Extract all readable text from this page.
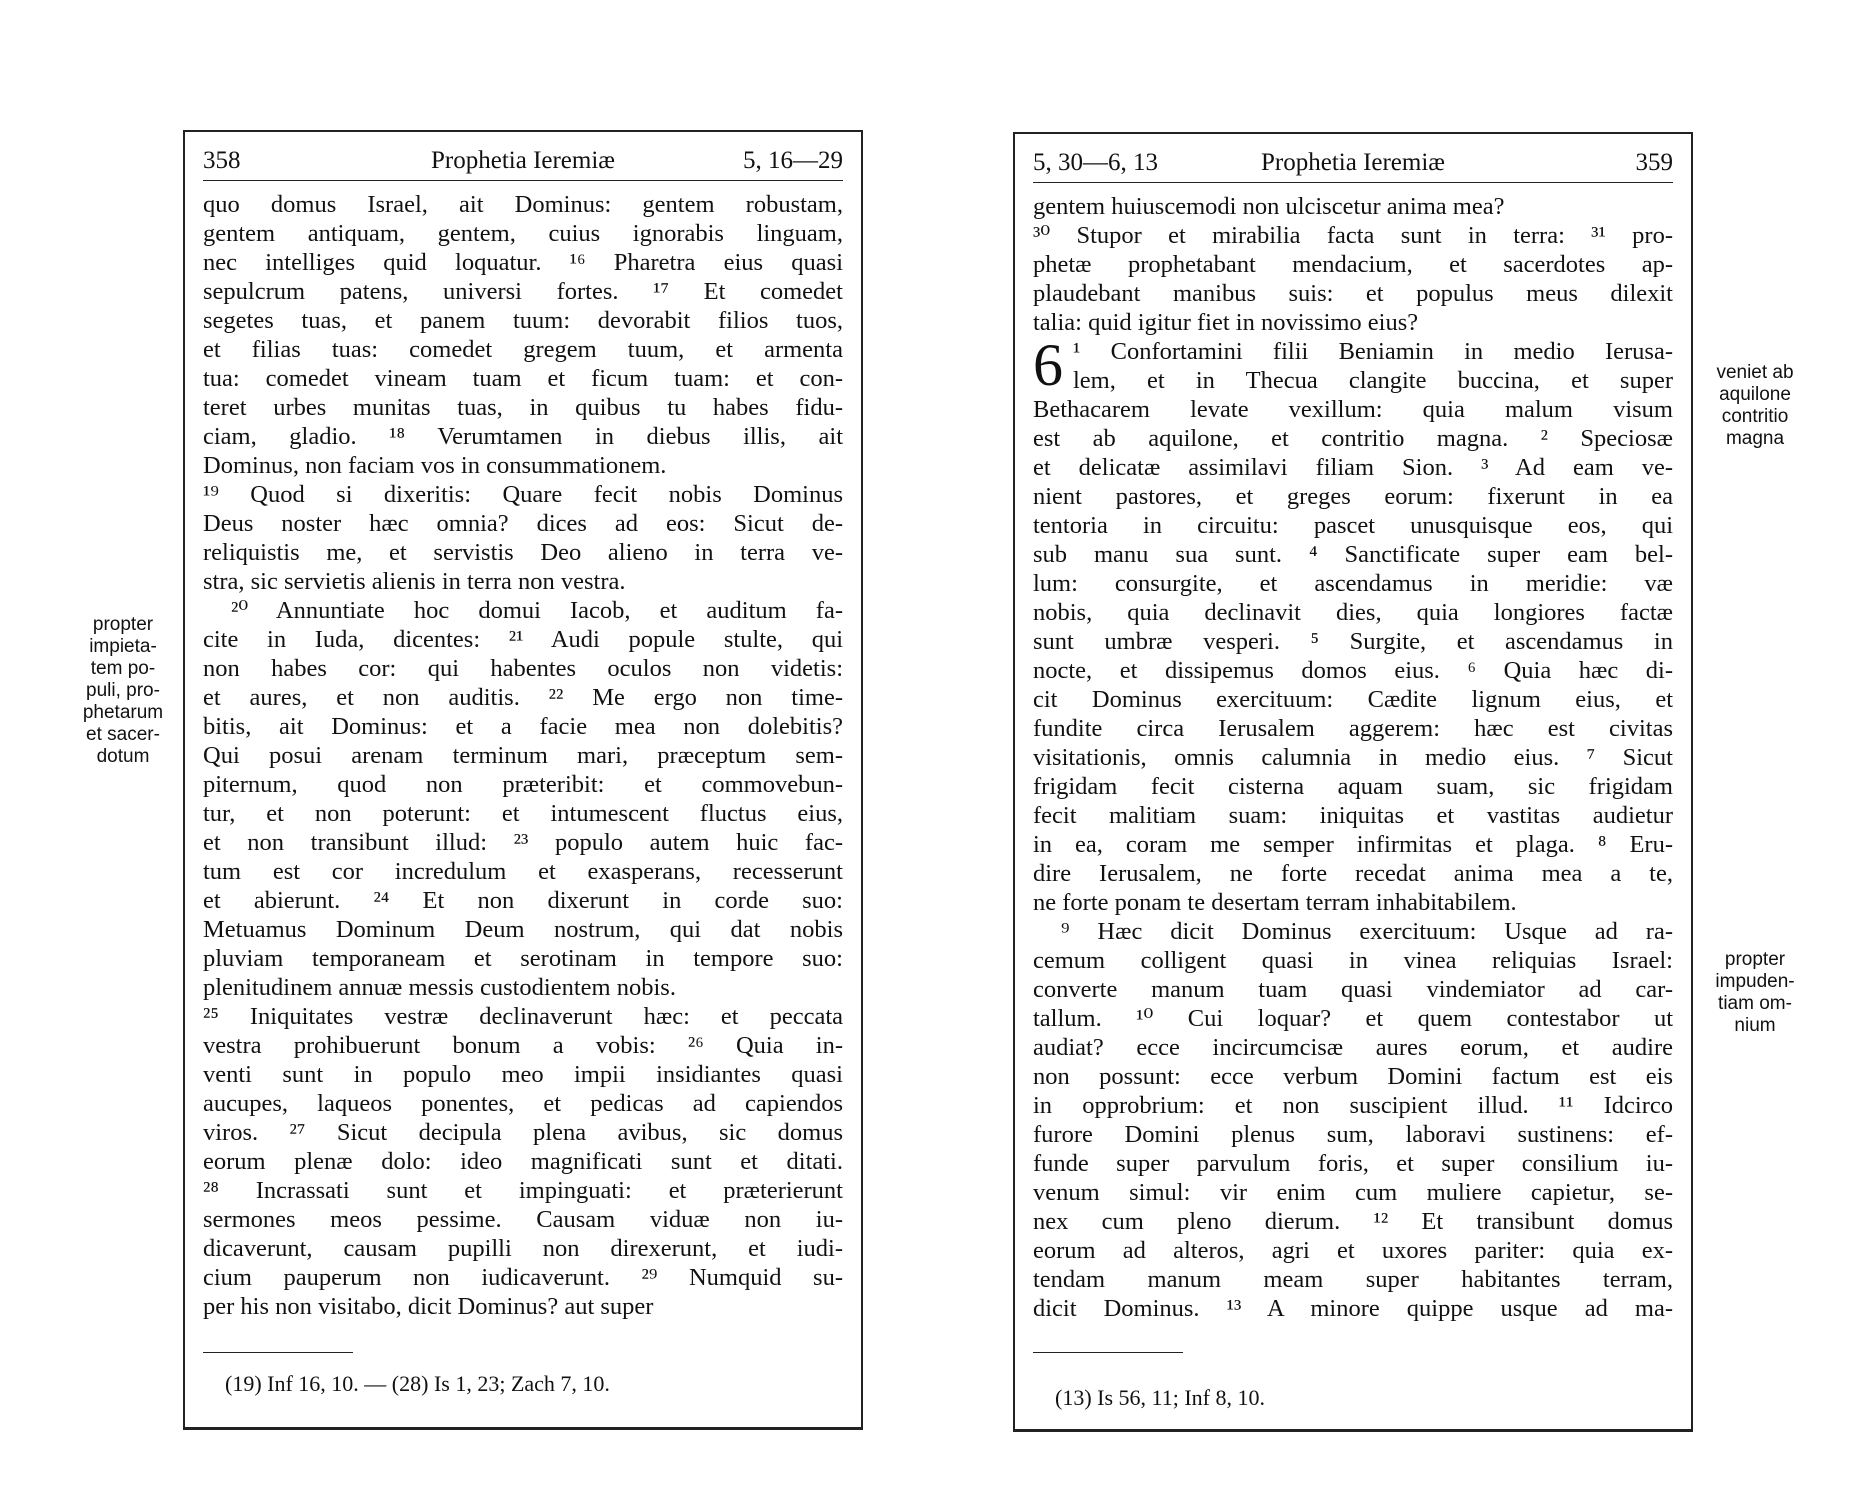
Prophetia Ieremiæ
358	5, 16—29
quo domus Israel, ait Dominus: gentem robustam,
gentem antiquam, gentem, cuius ignorabis linguam,
nec intelliges quid loquatur. ¹⁶ Pharetra eius quasi
sepulcrum patens, universi fortes. ¹⁷ Et comedet
segetes tuas, et panem tuum: devorabit filios tuos,
et filias tuas: comedet gregem tuum, et armenta
tua: comedet vineam tuam et ficum tuam: et con-
teret urbes munitas tuas, in quibus tu habes fidu-
ciam, gladio. ¹⁸ Verumtamen in diebus illis, ait
Dominus, non faciam vos in consummationem.
¹⁹ Quod si dixeritis: Quare fecit nobis Dominus
Deus noster hæc omnia? dices ad eos: Sicut de-
reliquistis me, et servistis Deo alieno in terra ve-
stra, sic servietis alienis in terra non vestra.
²⁰ Annuntiate hoc domui Iacob, et auditum fa-
cite in Iuda, dicentes: ²¹ Audi popule stulte, qui
non habes cor: qui habentes oculos non videtis:
et aures, et non auditis. ²² Me ergo non time-
bitis, ait Dominus: et a facie mea non dolebitis?
Qui posui arenam terminum mari, præceptum sem-
piternum, quod non præteribit: et commovebun-
tur, et non poterunt: et intumescent fluctus eius,
et non transibunt illud: ²³ populo autem huic fac-
tum est cor incredulum et exasperans, recesserunt
et abierunt. ²⁴ Et non dixerunt in corde suo:
Metuamus Dominum Deum nostrum, qui dat nobis
pluviam temporaneam et serotinam in tempore suo:
plenitudinem annuæ messis custodientem nobis.
²⁵ Iniquitates vestræ declinaverunt hæc: et peccata
vestra prohibuerunt bonum a vobis: ²⁶ Quia in-
venti sunt in populo meo impii insidiantes quasi
aucupes, laqueos ponentes, et pedicas ad capiendos
viros. ²⁷ Sicut decipula plena avibus, sic domus
eorum plenæ dolo: ideo magnificati sunt et ditati.
²⁸ Incrassati sunt et impinguati: et præterierunt
sermones meos pessime. Causam viduæ non iu-
dicaverunt, causam pupilli non direxerunt, et iudi-
cium pauperum non iudicaverunt. ²⁹ Numquid su-
per his non visitabo, dicit Dominus? aut super
(19) Inf 16, 10. — (28) Is 1, 23; Zach 7, 10.
propter
impieta-
tem po-
puli, pro-
phetarum
et sacer-
dotum
Prophetia Ieremiæ
5, 30—6, 13	359
gentem huiuscemodi non ulciscetur anima mea?
³⁰ Stupor et mirabilia facta sunt in terra: ³¹ pro-
phetæ prophetabant mendacium, et sacerdotes ap-
plaudebant manibus suis: et populus meus dilexit
talia: quid igitur fiet in novissimo eius?
6 ¹ Confortamini filii Beniamin in medio Ierusa-
lem, et in Thecua clangite buccina, et super
Bethacarem levate vexillum: quia malum visum
est ab aquilone, et contritio magna. ² Speciosæ
et delicatæ assimilavi filiam Sion. ³ Ad eam ve-
nient pastores, et greges eorum: fixerunt in ea
tentoria in circuitu: pascet unusquisque eos, qui
sub manu sua sunt. ⁴ Sanctificate super eam bel-
lum: consurgite, et ascendamus in meridie: væ
nobis, quia declinavit dies, quia longiores factæ
sunt umbræ vesperi. ⁵ Surgite, et ascendamus in
nocte, et dissipemus domos eius. ⁶ Quia hæc di-
cit Dominus exercituum: Cædite lignum eius, et
fundite circa Ierusalem aggerem: hæc est civitas
visitationis, omnis calumnia in medio eius. ⁷ Sicut
frigidam fecit cisterna aquam suam, sic frigidam
fecit malitiam suam: iniquitas et vastitas audietur
in ea, coram me semper infirmitas et plaga. ⁸ Eru-
dire Ierusalem, ne forte recedat anima mea a te,
ne forte ponam te desertam terram inhabitabilem.
⁹ Hæc dicit Dominus exercituum: Usque ad ra-
cemum colligent quasi in vinea reliquias Israel:
converte manum tuam quasi vindemiator ad car-
tallum. ¹⁰ Cui loquar? et quem contestabor ut
audiat? ecce incircumcisæ aures eorum, et audire
non possunt: ecce verbum Domini factum est eis
in opprobrium: et non suscipient illud. ¹¹ Idcirco
furore Domini plenus sum, laboravi sustinens: ef-
funde super parvulum foris, et super consilium iu-
venum simul: vir enim cum muliere capietur, se-
nex cum pleno dierum. ¹² Et transibunt domus
eorum ad alteros, agri et uxores pariter: quia ex-
tendam manum meam super habitantes terram,
dicit Dominus. ¹³ A minore quippe usque ad ma-
(13) Is 56, 11; Inf 8, 10.
veniet ab
aquilone
contritio
magna
propter
impuden-
tiam om-
nium
